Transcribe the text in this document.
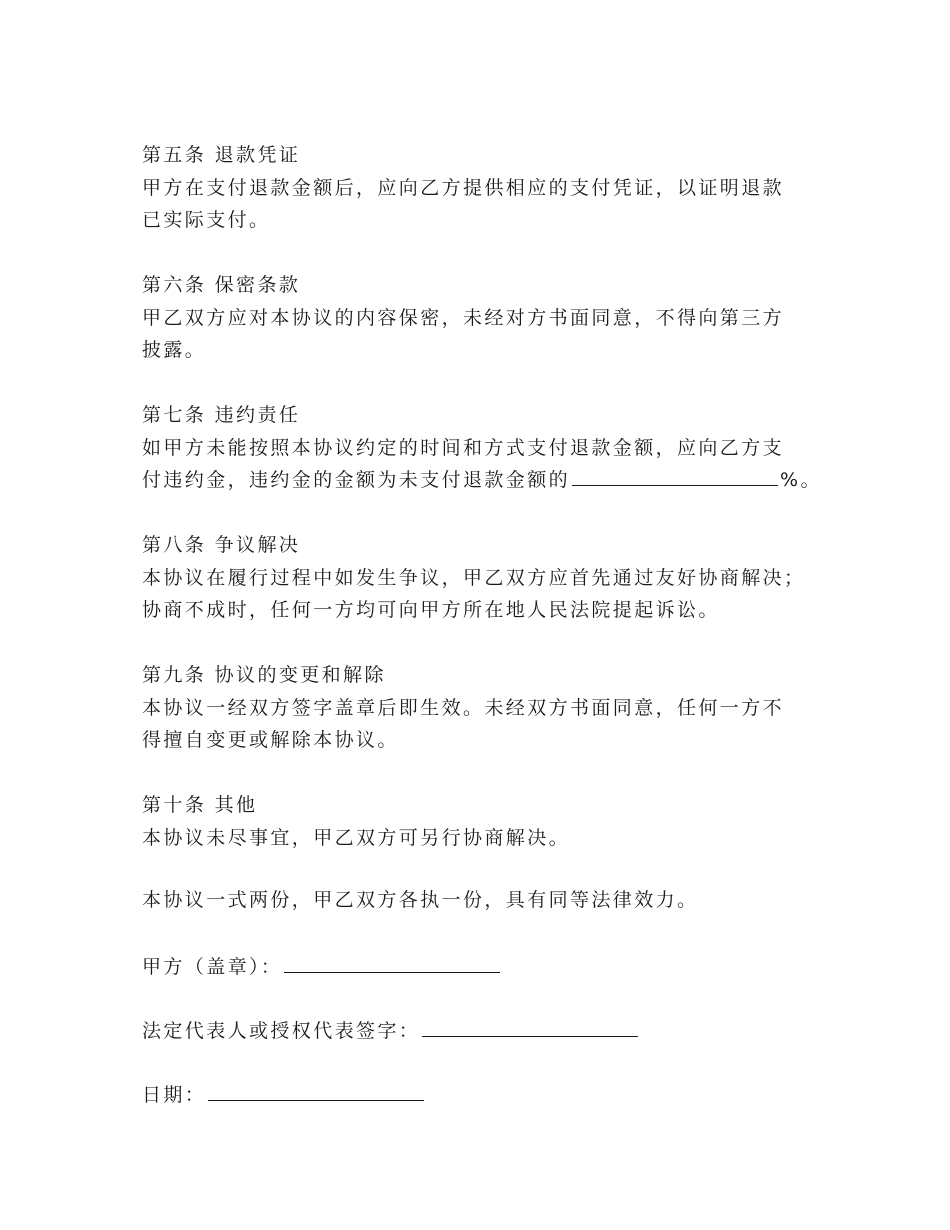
第五条 退款凭证
甲方在支付退款金额后，应向乙方提供相应的支付凭证，以证明退款
已实际支付。
第六条 保密条款
甲乙双方应对本协议的内容保密，未经对方书面同意，不得向第三方
披露。
第七条 违约责任
如甲方未能按照本协议约定的时间和方式支付退款金额，应向乙方支
付违约金，违约金的金额为未支付退款金额的	%。
第八条 争议解决
本协议在履行过程中如发生争议，甲乙双方应首先通过友好协商解决；
协商不成时，任何一方均可向甲方所在地人民法院提起诉讼。
第九条 协议的变更和解除
本协议一经双方签字盖章后即生效。未经双方书面同意，任何一方不
得擅自变更或解除本协议。
第十条 其他
本协议未尽事宜，甲乙双方可另行协商解决。
本协议一式两份，甲乙双方各执一份，具有同等法律效力。
甲方（盖章）：
法定代表人或授权代表签字：
日期：
